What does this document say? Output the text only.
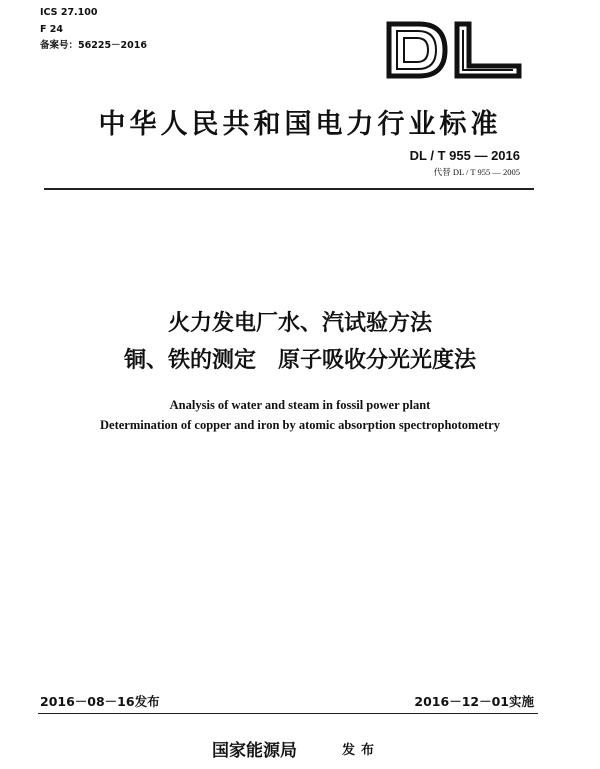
ICS 27.100
F 24
备案号：56225－2016
中华人民共和国电力行业标准
DL / T 955 — 2016
代替 DL / T 955 — 2005
火力发电厂水、汽试验方法
铜、铁的测定　原子吸收分光光度法
Analysis of water and steam in fossil power plant
Determination of copper and iron by atomic absorption spectrophotometry
2016－08－16发布	2016－12－01实施
国家能源局	发布
